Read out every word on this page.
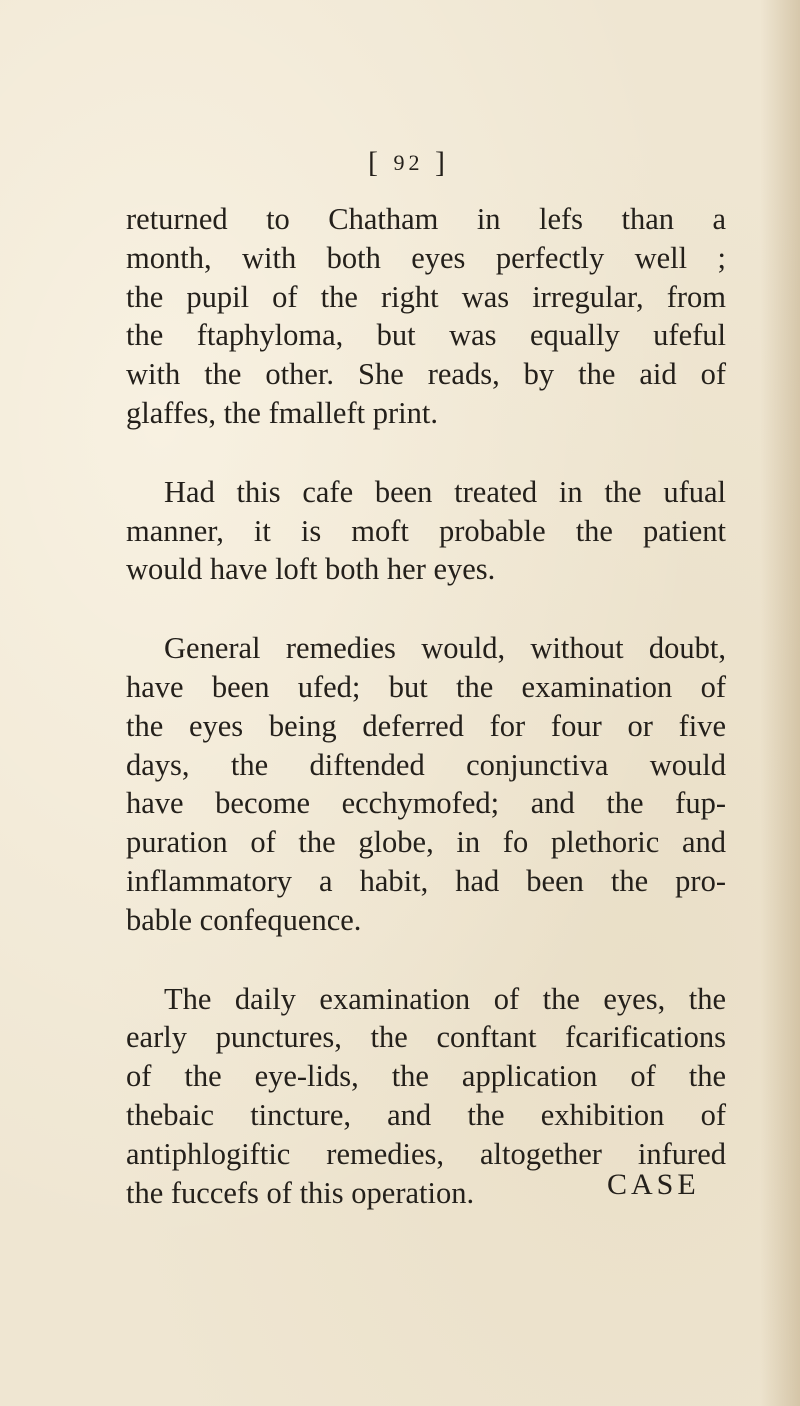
[ 92 ]
returned to Chatham in lefs than a
month, with both eyes perfectly well ;
the pupil of the right was irregular, from
the ftaphyloma, but was equally ufeful
with the other. She reads, by the aid of
glaffes, the fmalleft print.
Had this cafe been treated in the ufual
manner, it is moft probable the patient
would have loft both her eyes.
General remedies would, without doubt,
have been ufed; but the examination of
the eyes being deferred for four or five
days, the diftended conjunctiva would
have become ecchymofed; and the fup-
puration of the globe, in fo plethoric and
inflammatory a habit, had been the pro-
bable confequence.
The daily examination of the eyes, the
early punctures, the conftant fcarifications
of the eye-lids, the application of the
thebaic tincture, and the exhibition of
antiphlogiftic remedies, altogether infured
the fuccefs of this operation.	CASE
